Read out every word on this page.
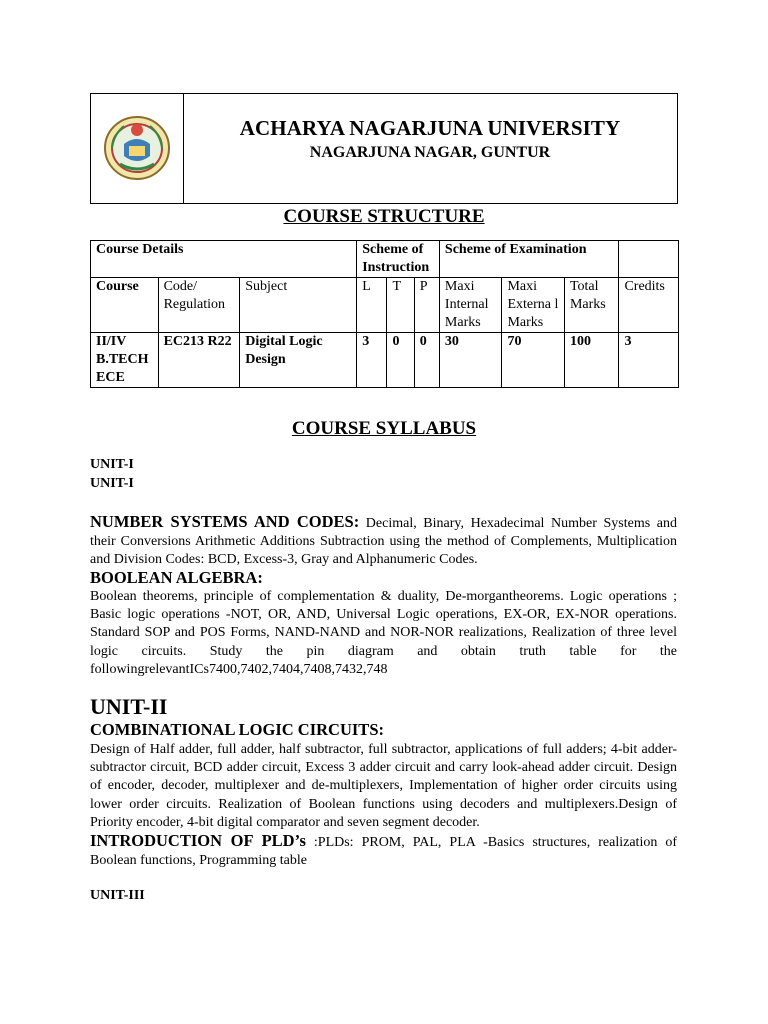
ACHARYA NAGARJUNA UNIVERSITY
NAGARJUNA NAGAR, GUNTUR
COURSE STRUCTURE
Course Details			Scheme of Instruction			Scheme of Examination			
Course	Code/ Regulation	Subject	L	T	P	Maxi Internal Marks	Maxi Externa l Marks	Total Marks	Credits
II/IV B.TECH ECE	EC213 R22	Digital Logic Design	3	0	0	30	70	100	3
COURSE SYLLABUS
UNIT-I
UNIT-I

NUMBER SYSTEMS AND CODES: Decimal, Binary, Hexadecimal Number Systems and their Conversions Arithmetic Additions Subtraction using the method of Complements, Multiplication and Division Codes: BCD, Excess-3, Gray and Alphanumeric Codes.

BOOLEAN ALGEBRA:

Boolean theorems, principle of complementation & duality, De-morgantheorems. Logic operations ; Basic logic operations -NOT, OR, AND, Universal Logic operations, EX-OR, EX-NOR operations. Standard SOP and POS Forms, NAND-NAND and NOR-NOR realizations, Realization of three level logic circuits. Study the pin diagram and obtain truth table for the followingrelevantICs7400,7402,7404,7408,7432,748

UNIT-II
COMBINATIONAL LOGIC CIRCUITS:

Design of Half adder, full adder, half subtractor, full subtractor, applications of full adders; 4-bit adder-subtractor circuit, BCD adder circuit, Excess 3 adder circuit and carry look-ahead adder circuit. Design of encoder, decoder, multiplexer and de-multiplexers, Implementation of higher order circuits using lower order circuits. Realization of Boolean functions using decoders and multiplexers.Design of Priority encoder, 4-bit digital comparator and seven segment decoder.

INTRODUCTION OF PLD’s :PLDs: PROM, PAL, PLA -Basics structures, realization of Boolean functions, Programming table

UNIT-III
